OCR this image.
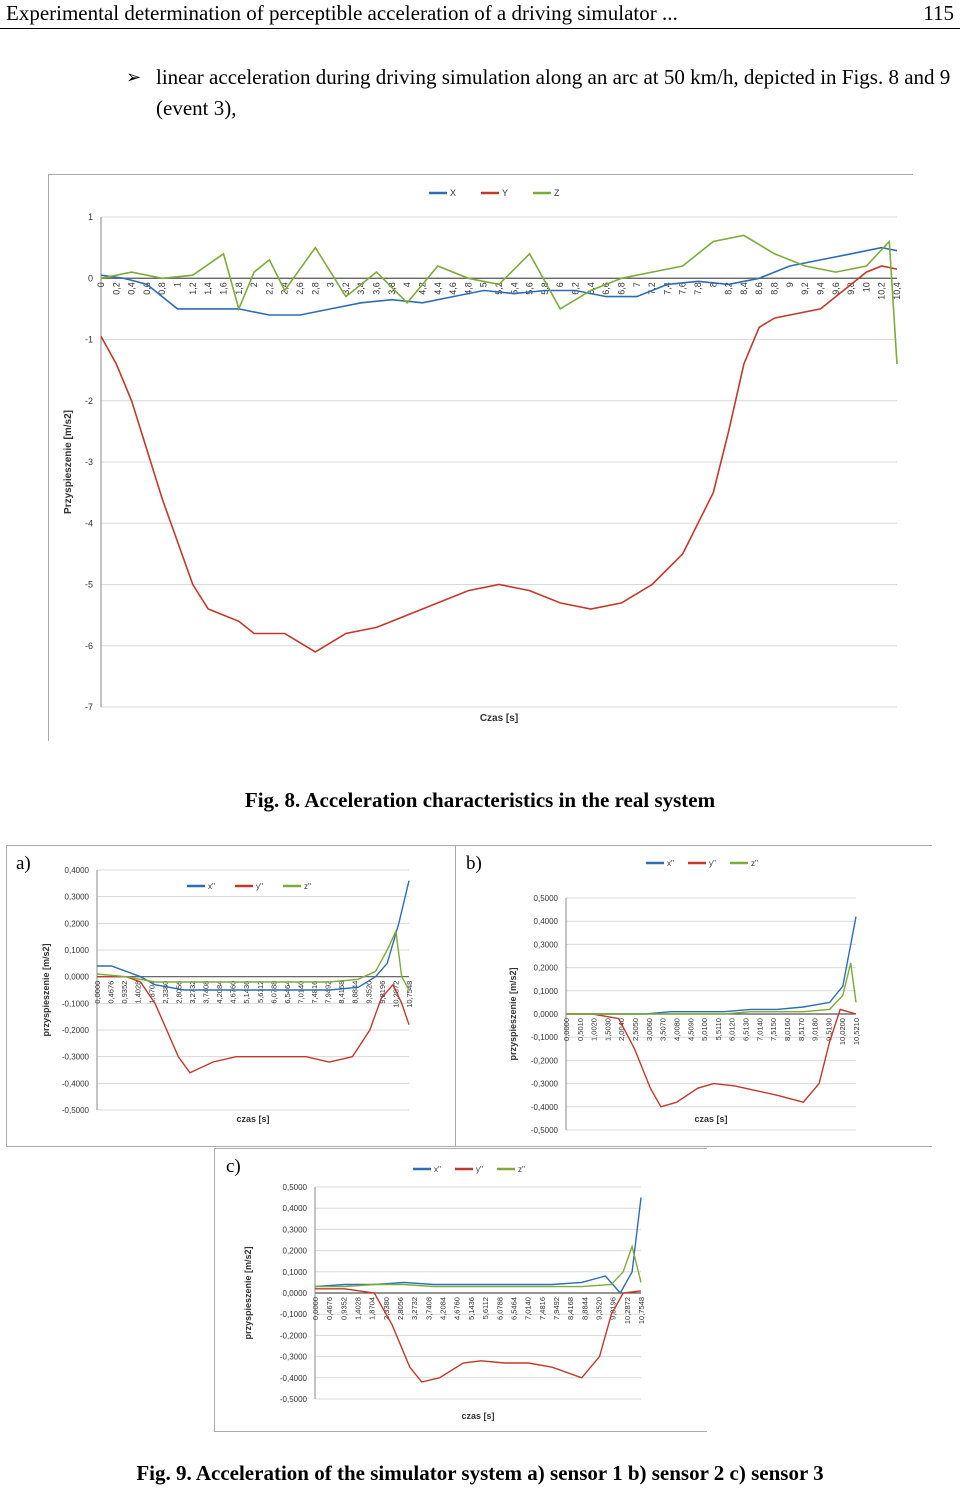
Experimental determination of perceptible acceleration of a driving simulator ...	115
➢ linear acceleration during driving simulation along an arc at 50 km/h, depicted in Figs. 8 and 9 (event 3),
1
0
-1
-2
-3
-4
-5
-6
-7
0 0,2 0,4 0,6 0,8 1 1,2 1,4 1,6 1,8 2 2,2 2,4 2,6 2,8 3 3,2 3,4 3,6 3,8 4 4,2 4,4 4,6 4,8 5 5,2 5,4 5,6 5,8 6 6,2 6,4 6,6 6,8 7 7,2 7,4 7,6 7,8 8 8,2 8,4 8,6 8,8 9 9,2 9,4 9,6 9,8 10 10,2 10,4
X	Y	Z
Czas [s]
Przyspieszenie [m/s2]
Fig. 8. Acceleration characteristics in the real system
0,4000
0,3000
0,2000
0,1000
0,0000
-0,1000
-0,2000
-0,3000
-0,4000
-0,5000
0,0000 0,4676 0,9352 1,4028 1,8704 2,3380 2,8056 3,2732 3,7408 4,2084 4,6760 5,1436 5,6112 6,0788 6,5464 7,0140 7,4816 7,9492 8,4168 8,8844 9,3520 9,8196 10,2872 10,7548
x''	y''	z''
czas [s]
przyspieszenie [m/s2]
a)
0,5000
0,4000
0,3000
0,2000
0,1000
0,0000
-0,1000
-0,2000
-0,3000
-0,4000
-0,5000
0,0000 0,5010 1,0020 1,5030 2,0040 2,5050 3,0060 3,5070 4,0080 4,5090 5,0100 5,5110 6,0120 6,5130 7,0140 7,5150 8,0160 8,5170 9,0180 9,5190 10,0200 10,5210
x''	y''	z''
czas [s]
przyspieszenie [m/s2]
b)
0,5000
0,4000
0,3000
0,2000
0,1000
0,0000
-0,1000
-0,2000
-0,3000
-0,4000
-0,5000
0,0000 0,4676 0,9352 1,4028 1,8704 2,3380 2,8056 3,2732 3,7408 4,2084 4,6760 5,1436 5,6112 6,0788 6,5464 7,0140 7,4816 7,9492 8,4168 8,8844 9,3520 9,8196 10,2872 10,7548
x''	y''	z''
czas [s]
przyspieszenie [m/s2]
c)
Fig. 9. Acceleration of the simulator system a) sensor 1 b) sensor 2 c) sensor 3
